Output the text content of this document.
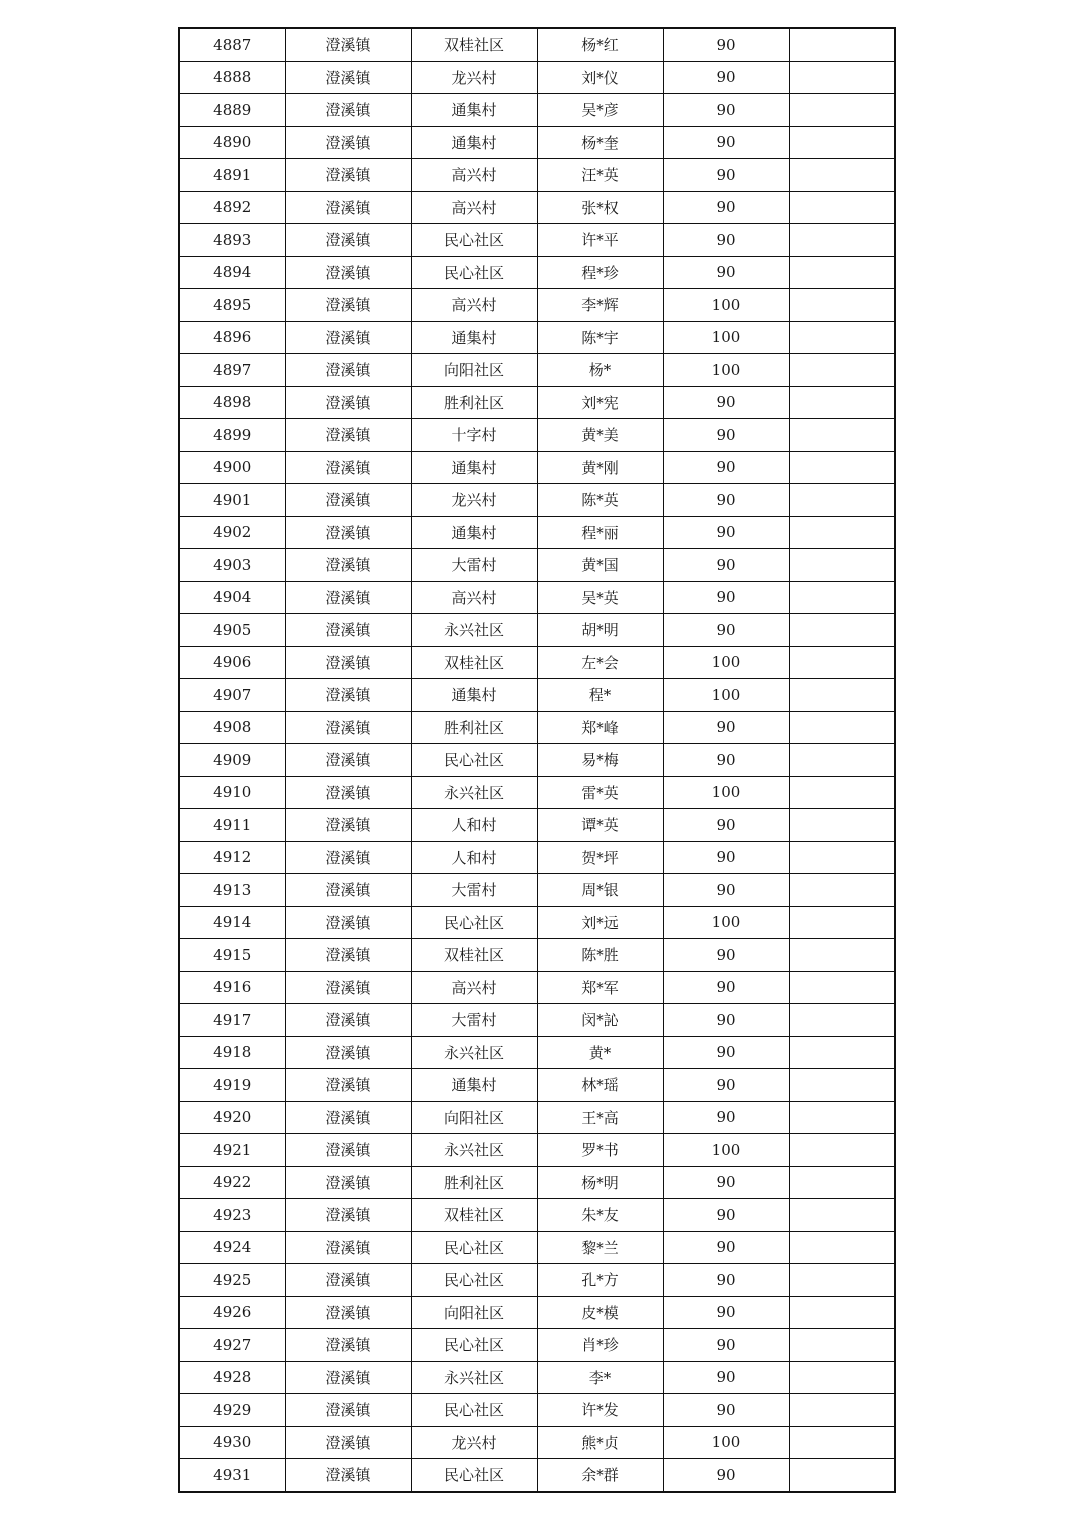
4887	澄溪镇	双桂社区	杨*红	90	
4888	澄溪镇	龙兴村	刘*仪	90	
4889	澄溪镇	通集村	吴*彦	90	
4890	澄溪镇	通集村	杨*奎	90	
4891	澄溪镇	高兴村	汪*英	90	
4892	澄溪镇	高兴村	张*权	90	
4893	澄溪镇	民心社区	许*平	90	
4894	澄溪镇	民心社区	程*珍	90	
4895	澄溪镇	高兴村	李*辉	100	
4896	澄溪镇	通集村	陈*宇	100	
4897	澄溪镇	向阳社区	杨*	100	
4898	澄溪镇	胜利社区	刘*宪	90	
4899	澄溪镇	十字村	黄*美	90	
4900	澄溪镇	通集村	黄*刚	90	
4901	澄溪镇	龙兴村	陈*英	90	
4902	澄溪镇	通集村	程*丽	90	
4903	澄溪镇	大雷村	黄*国	90	
4904	澄溪镇	高兴村	吴*英	90	
4905	澄溪镇	永兴社区	胡*明	90	
4906	澄溪镇	双桂社区	左*会	100	
4907	澄溪镇	通集村	程*	100	
4908	澄溪镇	胜利社区	郑*峰	90	
4909	澄溪镇	民心社区	易*梅	90	
4910	澄溪镇	永兴社区	雷*英	100	
4911	澄溪镇	人和村	谭*英	90	
4912	澄溪镇	人和村	贺*坪	90	
4913	澄溪镇	大雷村	周*银	90	
4914	澄溪镇	民心社区	刘*远	100	
4915	澄溪镇	双桂社区	陈*胜	90	
4916	澄溪镇	高兴村	郑*军	90	
4917	澄溪镇	大雷村	闵*訫	90	
4918	澄溪镇	永兴社区	黄*	90	
4919	澄溪镇	通集村	林*瑶	90	
4920	澄溪镇	向阳社区	王*高	90	
4921	澄溪镇	永兴社区	罗*书	100	
4922	澄溪镇	胜利社区	杨*明	90	
4923	澄溪镇	双桂社区	朱*友	90	
4924	澄溪镇	民心社区	黎*兰	90	
4925	澄溪镇	民心社区	孔*方	90	
4926	澄溪镇	向阳社区	皮*模	90	
4927	澄溪镇	民心社区	肖*珍	90	
4928	澄溪镇	永兴社区	李*	90	
4929	澄溪镇	民心社区	许*发	90	
4930	澄溪镇	龙兴村	熊*贞	100	
4931	澄溪镇	民心社区	余*群	90	
